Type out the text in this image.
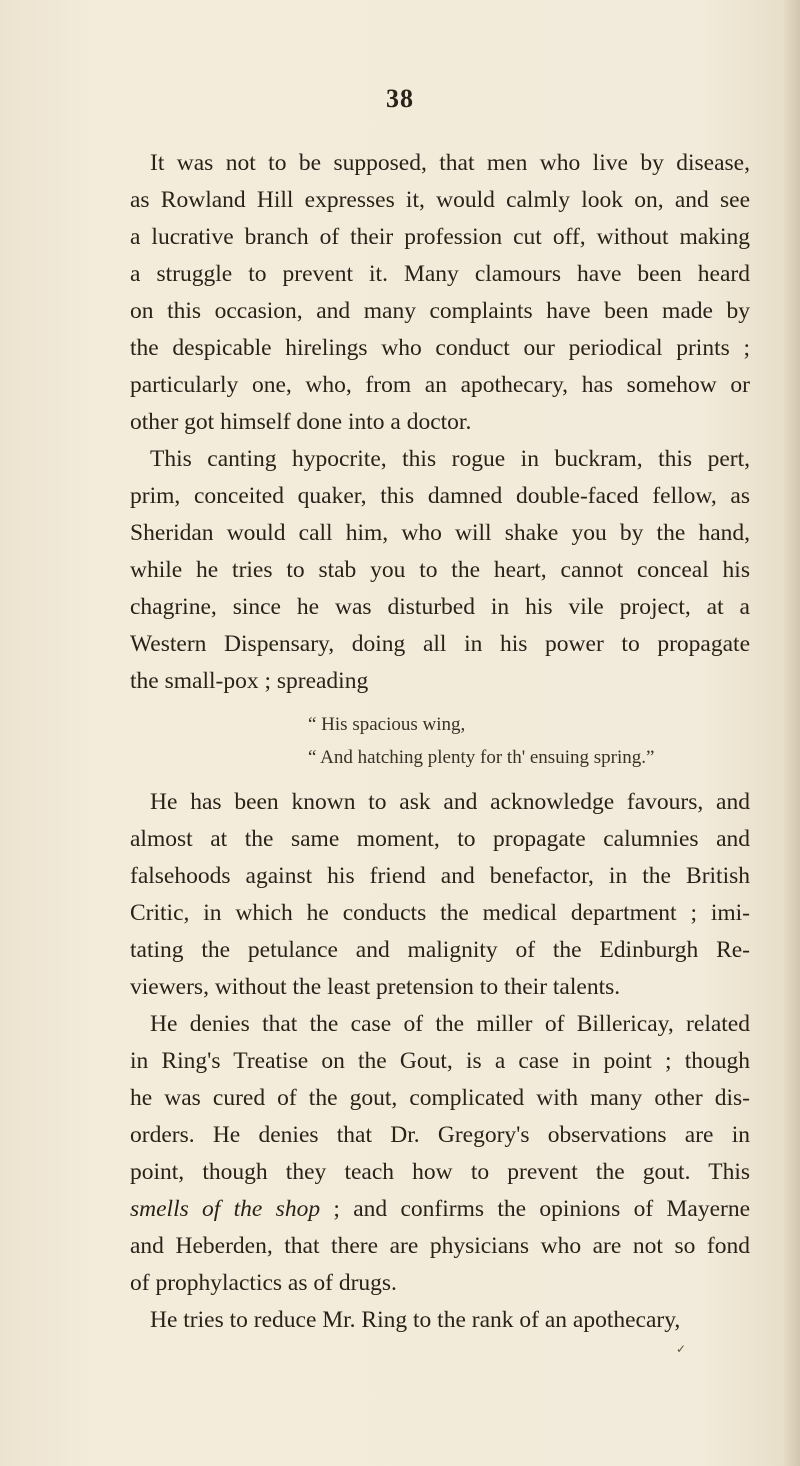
38
It was not to be supposed, that men who live by disease,
as Rowland Hill expresses it, would calmly look on, and see
a lucrative branch of their profession cut off, without making
a struggle to prevent it. Many clamours have been heard
on this occasion, and many complaints have been made by
the despicable hirelings who conduct our periodical prints ;
particularly one, who, from an apothecary, has somehow or
other got himself done into a doctor.
This canting hypocrite, this rogue in buckram, this pert,
prim, conceited quaker, this damned double-faced fellow, as
Sheridan would call him, who will shake you by the hand,
while he tries to stab you to the heart, cannot conceal his
chagrine, since he was disturbed in his vile project, at a
Western Dispensary, doing all in his power to propagate
the small-pox ; spreading
“ His spacious wing,
“ And hatching plenty for th' ensuing spring.”
He has been known to ask and acknowledge favours, and
almost at the same moment, to propagate calumnies and
falsehoods against his friend and benefactor, in the British
Critic, in which he conducts the medical department ; imi-
tating the petulance and malignity of the Edinburgh Re-
viewers, without the least pretension to their talents.
He denies that the case of the miller of Billericay, related
in Ring's Treatise on the Gout, is a case in point ; though
he was cured of the gout, complicated with many other dis-
orders. He denies that Dr. Gregory's observations are in
point, though they teach how to prevent the gout. This
smells of the shop ; and confirms the opinions of Mayerne
and Heberden, that there are physicians who are not so fond
of prophylactics as of drugs.
He tries to reduce Mr. Ring to the rank of an apothecary,
✓
